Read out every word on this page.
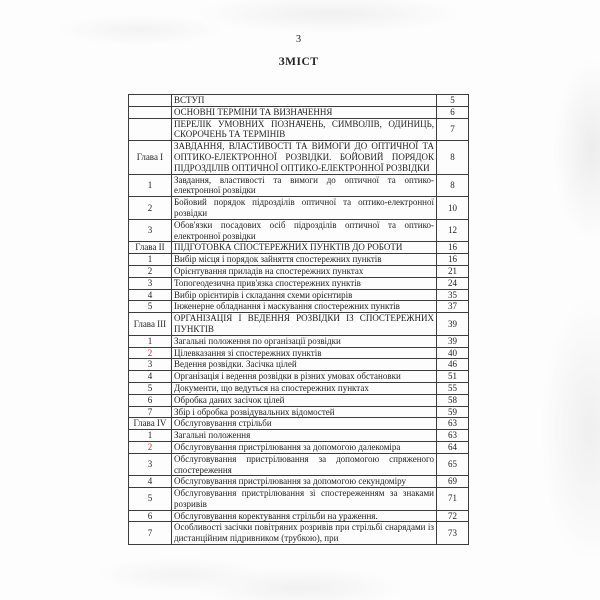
3
ЗМІСТ
	ВСТУП	5
	ОСНОВНІ ТЕРМІНИ ТА ВИЗНАЧЕННЯ	6
	ПЕРЕЛІК УМОВНИХ ПОЗНАЧЕНЬ, СИМВОЛІВ, ОДИНИЦЬ, СКОРОЧЕНЬ ТА ТЕРМІНІВ	7
Глава I	ЗАВДАННЯ, ВЛАСТИВОСТІ ТА ВИМОГИ ДО ОПТИЧНОЇ ТА ОПТИКО-ЕЛЕКТРОННОЇ РОЗВІДКИ. БОЙОВИЙ ПОРЯДОК ПІДРОЗДІЛІВ ОПТИЧНОЇ ОПТИКО-ЕЛЕКТРОННОЇ РОЗВІДКИ	8
1	Завдання, властивості та вимоги до оптичної та оптико-електронної розвідки	8
2	Бойовий порядок підрозділів оптичної та оптико-електронної розвідки	10
3	Обов'язки посадових осіб підрозділів оптичної та оптико-електронної розвідки	12
Глава II	ПІДГОТОВКА СПОСТЕРЕЖНИХ ПУНКТІВ ДО РОБОТИ	16
1	Вибір місця і порядок зайняття спостережних пунктів	16
2	Орієнтування приладів на спостережних пунктах	21
3	Топогеодезична прив'язка спостережних пунктів	24
4	Вибір орієнтирів і складання схеми орієнтирів	35
5	Інженерне обладнання і маскування спостережних пунктів	37
Глава III	ОРГАНІЗАЦІЯ І ВЕДЕННЯ РОЗВІДКИ ІЗ СПОСТЕРЕЖНИХ ПУНКТІВ	39
1	Загальні положення по організації розвідки	39
2	Цілевказання зі спостережних пунктів	40
3	Ведення розвідки. Засічка цілей	46
4	Організація і ведення розвідки в різних умовах обстановки	51
5	Документи, що ведуться на спостережних пунктах	55
6	Обробка даних засічок цілей	58
7	Збір і обробка розвідувальних відомостей	59
Глава IV	Обслуговування стрільби	63
1	Загальні положення	63
2	Обслуговування пристрілювання за допомогою далекоміра	64
3	Обслуговування пристрілювання за допомогою спряженого спостереження	65
4	Обслуговування пристрілювання за допомогою секундоміру	69
5	Обслуговування пристрілювання зі спостереженням за знаками розривів	71
6	Обслуговування коректування стрільби на ураження.	72
7	Особливості засічки повітряних розривів при стрільбі снарядами із дистанційним підривником (трубкою), при	73
